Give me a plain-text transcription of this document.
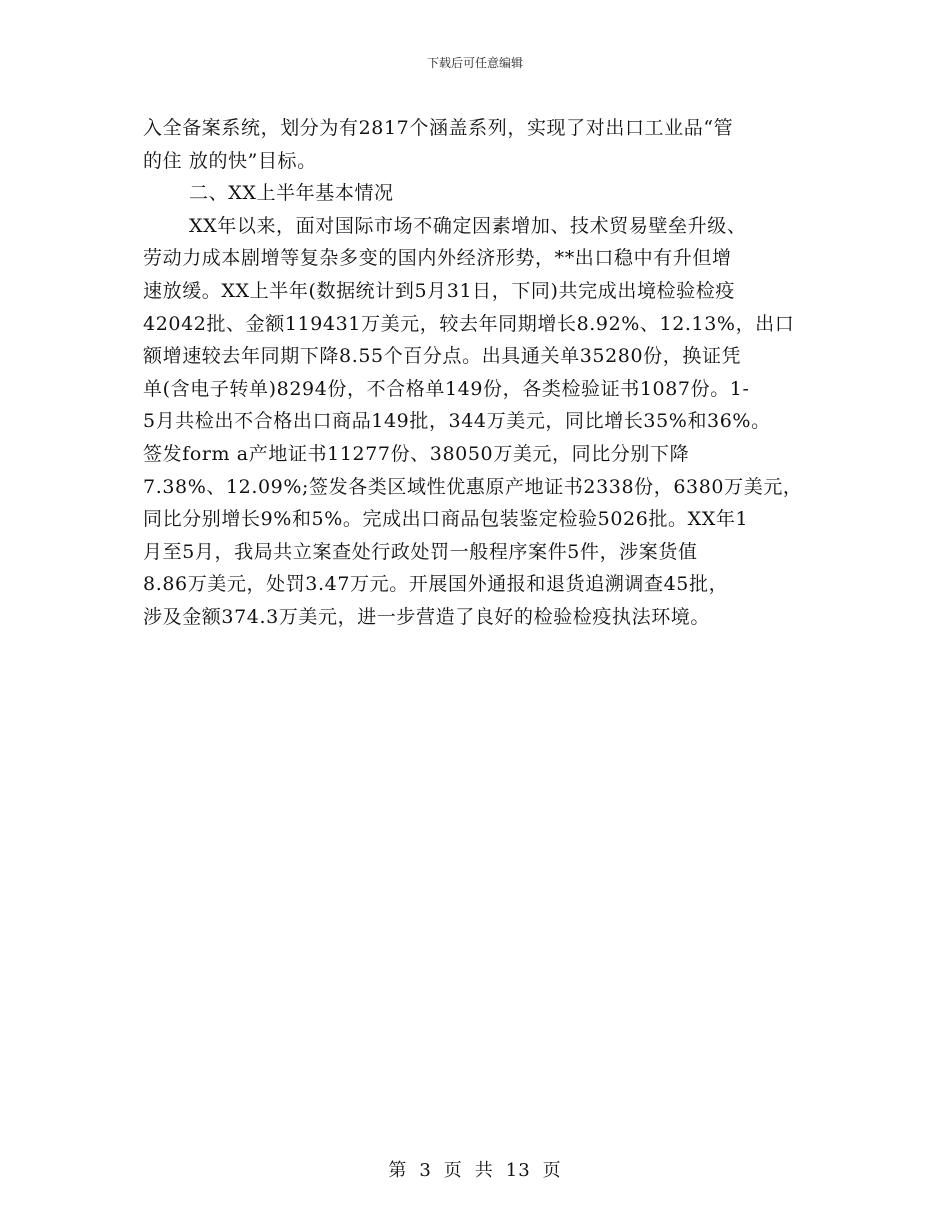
下载后可任意编辑
入全备案系统，划分为有2817个涵盖系列，实现了对出口工业品“管
的住 放的快”目标。
二、XX上半年基本情况
XX年以来，面对国际市场不确定因素增加、技术贸易壁垒升级、
劳动力成本剧增等复杂多变的国内外经济形势，**出口稳中有升但增
速放缓。XX上半年(数据统计到5月31日，下同)共完成出境检验检疫
42042批、金额119431万美元，较去年同期增长8.92%、12.13%，出口
额增速较去年同期下降8.55个百分点。出具通关单35280份，换证凭
单(含电子转单)8294份，不合格单149份，各类检验证书1087份。1-
5月共检出不合格出口商品149批，344万美元，同比增长35%和36%。
签发form a产地证书11277份、38050万美元，同比分别下降
7.38%、12.09%;签发各类区域性优惠原产地证书2338份，6380万美元，
同比分别增长9%和5%。完成出口商品包装鉴定检验5026批。XX年1
月至5月，我局共立案查处行政处罚一般程序案件5件，涉案货值
8.86万美元，处罚3.47万元。开展国外通报和退货追溯调查45批，
涉及金额374.3万美元，进一步营造了良好的检验检疫执法环境。
第 3 页 共 13 页
